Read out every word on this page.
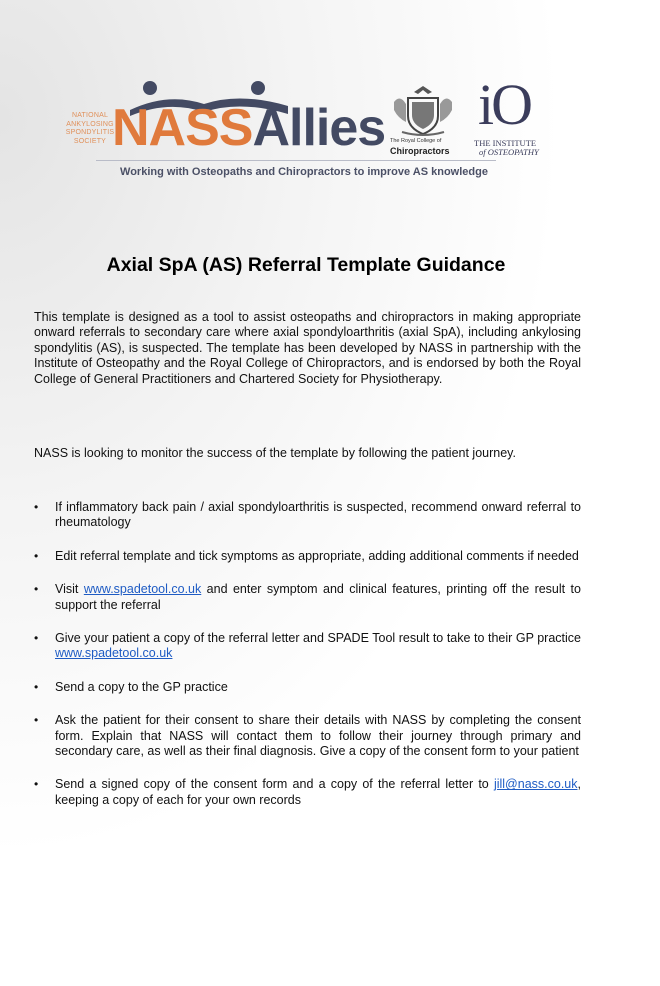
NATIONAL
ANKYLOSING
SPONDYLITIS
SOCIETY NASSAllies The Royal College of
Chiropractors
iO
THE INSTITUTE
of OSTEOPATHY
Working with Osteopaths and Chiropractors to improve AS knowledge
Axial SpA (AS) Referral Template Guidance
This template is designed as a tool to assist osteopaths and chiropractors in making appropriate onward referrals to secondary care where axial spondyloarthritis (axial SpA), including ankylosing spondylitis (AS), is suspected. The template has been developed by NASS in partnership with the Institute of Osteopathy and the Royal College of Chiropractors, and is endorsed by both the Royal College of General Practitioners and Chartered Society for Physiotherapy.
NASS is looking to monitor the success of the template by following the patient journey.
• If inflammatory back pain / axial spondyloarthritis is suspected, recommend onward referral to rheumatology
• Edit referral template and tick symptoms as appropriate, adding additional comments if needed
• Visit www.spadetool.co.uk and enter symptom and clinical features, printing off the result to support the referral
• Give your patient a copy of the referral letter and SPADE Tool result to take to their GP practice www.spadetool.co.uk
• Send a copy to the GP practice
• Ask the patient for their consent to share their details with NASS by completing the consent form. Explain that NASS will contact them to follow their journey through primary and secondary care, as well as their final diagnosis. Give a copy of the consent form to your patient
• Send a signed copy of the consent form and a copy of the referral letter to jill@nass.co.uk, keeping a copy of each for your own records
